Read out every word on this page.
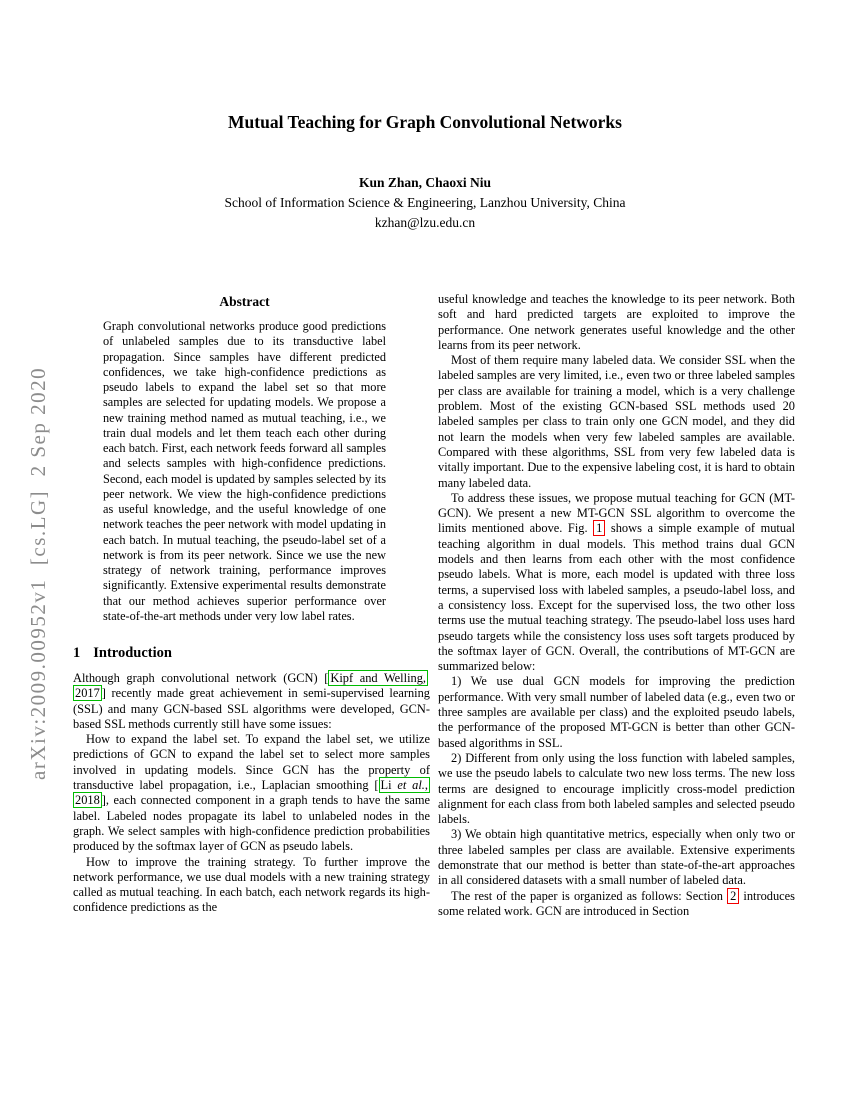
arXiv:2009.00952v1  [cs.LG]  2 Sep 2020
Mutual Teaching for Graph Convolutional Networks
Kun Zhan, Chaoxi Niu
School of Information Science & Engineering, Lanzhou University, China
kzhan@lzu.edu.cn
Abstract

Graph convolutional networks produce good predictions of unlabeled samples due to its transductive label propagation. Since samples have different predicted confidences, we take high-confidence predictions as pseudo labels to expand the label set so that more samples are selected for updating models. We propose a new training method named as mutual teaching, i.e., we train dual models and let them teach each other during each batch. First, each network feeds forward all samples and selects samples with high-confidence predictions. Second, each model is updated by samples selected by its peer network. We view the high-confidence predictions as useful knowledge, and the useful knowledge of one network teaches the peer network with model updating in each batch. In mutual teaching, the pseudo-label set of a network is from its peer network. Since we use the new strategy of network training, performance improves significantly. Extensive experimental results demonstrate that our method achieves superior performance over state-of-the-art methods under very low label rates.

1 Introduction

Although graph convolutional network (GCN) [ Kipf and Welling, 2017 ] recently made great achievement in semi-supervised learning (SSL) and many GCN-based SSL algorithms were developed, GCN-based SSL methods currently still have some issues:

How to expand the label set. To expand the label set, we utilize predictions of GCN to expand the label set to select more samples involved in updating models. Since GCN has the property of transductive label propagation, i.e., Laplacian smoothing [ Li et al., 2018 ], each connected component in a graph tends to have the same label. Labeled nodes propagate its label to unlabeled nodes in the graph. We select samples with high-confidence prediction probabilities produced by the softmax layer of GCN as pseudo labels.

How to improve the training strategy. To further improve the network performance, we use dual models with a new training strategy called as mutual teaching. In each batch, each network regards its high-confidence predictions as the

useful knowledge and teaches the knowledge to its peer network. Both soft and hard predicted targets are exploited to improve the performance. One network generates useful knowledge and the other learns from its peer network.

Most of them require many labeled data. We consider SSL when the labeled samples are very limited, i.e., even two or three labeled samples per class are available for training a model, which is a very challenge problem. Most of the existing GCN-based SSL methods used 20 labeled samples per class to train only one GCN model, and they did not learn the models when very few labeled samples are available. Compared with these algorithms, SSL from very few labeled data is vitally important. Due to the expensive labeling cost, it is hard to obtain many labeled data.

To address these issues, we propose mutual teaching for GCN (MT-GCN). We present a new MT-GCN SSL algorithm to overcome the limits mentioned above. Fig. 1 shows a simple example of mutual teaching algorithm in dual models. This method trains dual GCN models and then learns from each other with the most confidence pseudo labels. What is more, each model is updated with three loss terms, a supervised loss with labeled samples, a pseudo-label loss, and a consistency loss. Except for the supervised loss, the two other loss terms use the mutual teaching strategy. The pseudo-label loss uses hard pseudo targets while the consistency loss uses soft targets produced by the softmax layer of GCN. Overall, the contributions of MT-GCN are summarized below:

1) We use dual GCN models for improving the prediction performance. With very small number of labeled data (e.g., even two or three samples are available per class) and the exploited pseudo labels, the performance of the proposed MT-GCN is better than other GCN-based algorithms in SSL.

2) Different from only using the loss function with labeled samples, we use the pseudo labels to calculate two new loss terms. The new loss terms are designed to encourage implicitly cross-model prediction alignment for each class from both labeled samples and selected pseudo labels.

3) We obtain high quantitative metrics, especially when only two or three labeled samples per class are available. Extensive experiments demonstrate that our method is better than state-of-the-art approaches in all considered datasets with a small number of labeled data.

The rest of the paper is organized as follows: Section 2 introduces some related work. GCN are introduced in Section
